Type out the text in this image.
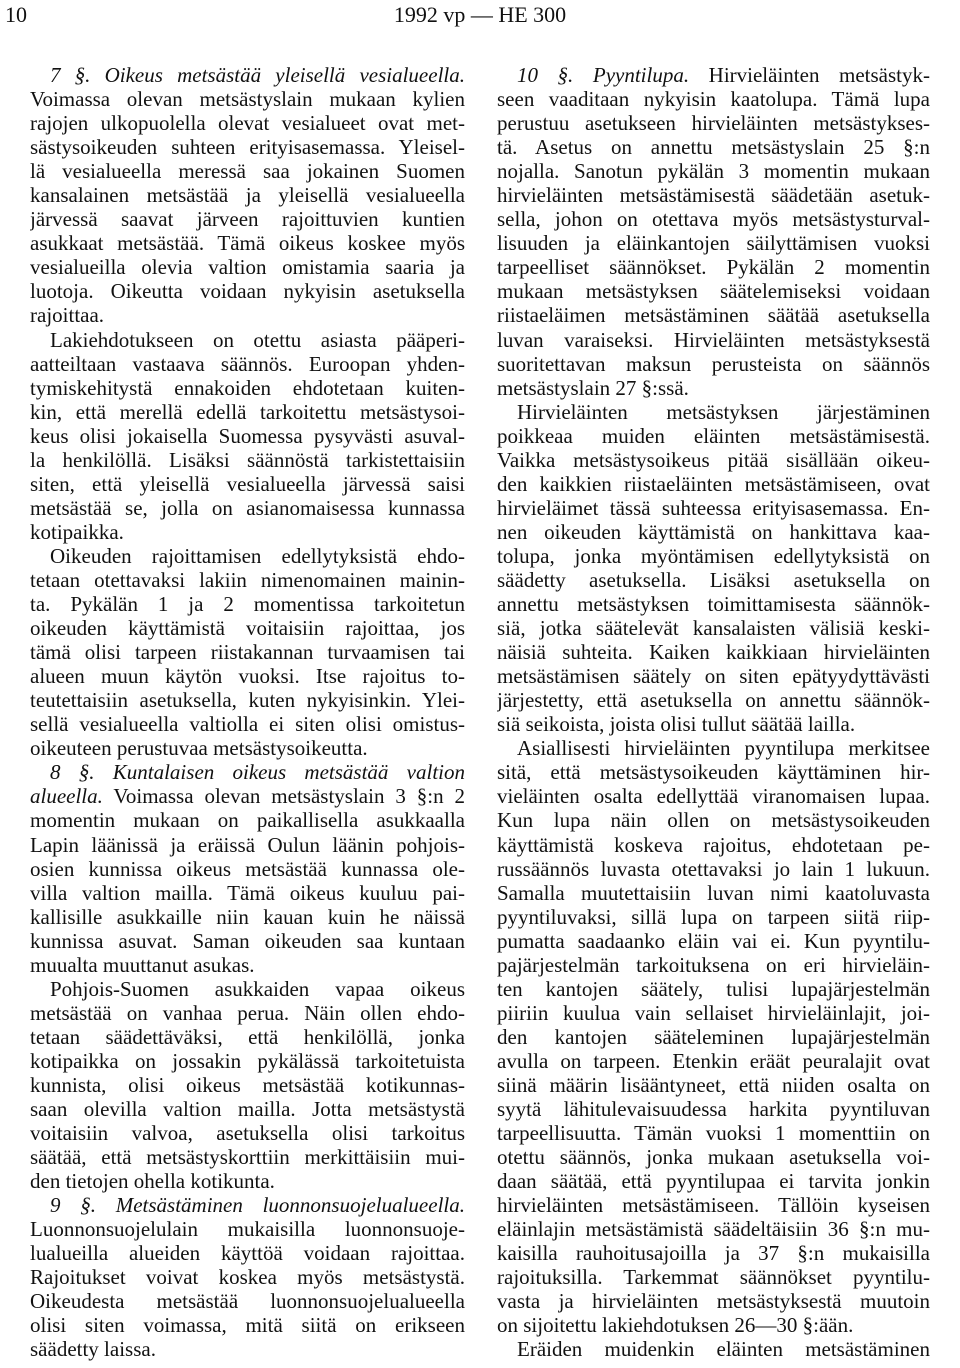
10	1992 vp — HE 300
7 §. Oikeus metsästää yleisellä vesialueella.
Voimassa olevan metsästyslain mukaan kylien
rajojen ulkopuolella olevat vesialueet ovat met-
sästysoikeuden suhteen erityisasemassa. Yleisel-
lä vesialueella meressä saa jokainen Suomen
kansalainen metsästää ja yleisellä vesialueella
järvessä saavat järveen rajoittuvien kuntien
asukkaat metsästää. Tämä oikeus koskee myös
vesialueilla olevia valtion omistamia saaria ja
luotoja. Oikeutta voidaan nykyisin asetuksella
rajoittaa.
Lakiehdotukseen on otettu asiasta pääperi-
aatteiltaan vastaava säännös. Euroopan yhden-
tymiskehitystä ennakoiden ehdotetaan kuiten-
kin, että merellä edellä tarkoitettu metsästysoi-
keus olisi jokaisella Suomessa pysyvästi asuval-
la henkilöllä. Lisäksi säännöstä tarkistettaisiin
siten, että yleisellä vesialueella järvessä saisi
metsästää se, jolla on asianomaisessa kunnassa
kotipaikka.
Oikeuden rajoittamisen edellytyksistä ehdo-
tetaan otettavaksi lakiin nimenomainen mainin-
ta. Pykälän 1 ja 2 momentissa tarkoitetun
oikeuden käyttämistä voitaisiin rajoittaa, jos
tämä olisi tarpeen riistakannan turvaamisen tai
alueen muun käytön vuoksi. Itse rajoitus to-
teutettaisiin asetuksella, kuten nykyisinkin. Ylei-
sellä vesialueella valtiolla ei siten olisi omistus-
oikeuteen perustuvaa metsästysoikeutta.
8 §. Kuntalaisen oikeus metsästää valtion
alueella. Voimassa olevan metsästyslain 3 §:n 2
momentin mukaan on paikallisella asukkaalla
Lapin läänissä ja eräissä Oulun läänin pohjois-
osien kunnissa oikeus metsästää kunnassa ole-
villa valtion mailla. Tämä oikeus kuuluu pai-
kallisille asukkaille niin kauan kuin he näissä
kunnissa asuvat. Saman oikeuden saa kuntaan
muualta muuttanut asukas.
Pohjois-Suomen asukkaiden vapaa oikeus
metsästää on vanhaa perua. Näin ollen ehdo-
tetaan säädettäväksi, että henkilöllä, jonka
kotipaikka on jossakin pykälässä tarkoitetuista
kunnista, olisi oikeus metsästää kotikunnas-
saan olevilla valtion mailla. Jotta metsästystä
voitaisiin valvoa, asetuksella olisi tarkoitus
säätää, että metsästyskorttiin merkittäisiin mui-
den tietojen ohella kotikunta.
9 §. Metsästäminen luonnonsuojelualueella.
Luonnonsuojelulain mukaisilla luonnonsuoje-
lualueilla alueiden käyttöä voidaan rajoittaa.
Rajoitukset voivat koskea myös metsästystä.
Oikeudesta metsästää luonnonsuojelualueella
olisi siten voimassa, mitä siitä on erikseen
säädetty laissa.
10 §. Pyyntilupa. Hirvieläinten metsästyk-
seen vaaditaan nykyisin kaatolupa. Tämä lupa
perustuu asetukseen hirvieläinten metsästykses-
tä. Asetus on annettu metsästyslain 25 §:n
nojalla. Sanotun pykälän 3 momentin mukaan
hirvieläinten metsästämisestä säädetään asetuk-
sella, johon on otettava myös metsästysturval-
lisuuden ja eläinkantojen säilyttämisen vuoksi
tarpeelliset säännökset. Pykälän 2 momentin
mukaan metsästyksen säätelemiseksi voidaan
riistaeläimen metsästäminen säätää asetuksella
luvan varaiseksi. Hirvieläinten metsästyksestä
suoritettavan maksun perusteista on säännös
metsästyslain 27 §:ssä.
Hirvieläinten metsästyksen järjestäminen
poikkeaa muiden eläinten metsästämisestä.
Vaikka metsästysoikeus pitää sisällään oikeu-
den kaikkien riistaeläinten metsästämiseen, ovat
hirvieläimet tässä suhteessa erityisasemassa. En-
nen oikeuden käyttämistä on hankittava kaa-
tolupa, jonka myöntämisen edellytyksistä on
säädetty asetuksella. Lisäksi asetuksella on
annettu metsästyksen toimittamisesta säännök-
siä, jotka säätelevät kansalaisten välisiä keski-
näisiä suhteita. Kaiken kaikkiaan hirvieläinten
metsästämisen säätely on siten epätyydyttävästi
järjestetty, että asetuksella on annettu säännök-
siä seikoista, joista olisi tullut säätää lailla.
Asiallisesti hirvieläinten pyyntilupa merkitsee
sitä, että metsästysoikeuden käyttäminen hir-
vieläinten osalta edellyttää viranomaisen lupaa.
Kun lupa näin ollen on metsästysoikeuden
käyttämistä koskeva rajoitus, ehdotetaan pe-
russäännös luvasta otettavaksi jo lain 1 lukuun.
Samalla muutettaisiin luvan nimi kaatoluvasta
pyyntiluvaksi, sillä lupa on tarpeen siitä riip-
pumatta saadaanko eläin vai ei. Kun pyyntilu-
pajärjestelmän tarkoituksena on eri hirvieläin-
ten kantojen säätely, tulisi lupajärjestelmän
piiriin kuulua vain sellaiset hirvieläinlajit, joi-
den kantojen sääteleminen lupajärjestelmän
avulla on tarpeen. Etenkin eräät peuralajit ovat
siinä määrin lisääntyneet, että niiden osalta on
syytä lähitulevaisuudessa harkita pyyntiluvan
tarpeellisuutta. Tämän vuoksi 1 momenttiin on
otettu säännös, jonka mukaan asetuksella voi-
daan säätää, että pyyntilupaa ei tarvita jonkin
hirvieläinten metsästämiseen. Tällöin kyseisen
eläinlajin metsästämistä säädeltäisiin 36 §:n mu-
kaisilla rauhoitusajoilla ja 37 §:n mukaisilla
rajoituksilla. Tarkemmat säännökset pyyntilu-
vasta ja hirvieläinten metsästyksestä muutoin
on sijoitettu lakiehdotuksen 26—30 §:ään.
Eräiden muidenkin eläinten metsästäminen
